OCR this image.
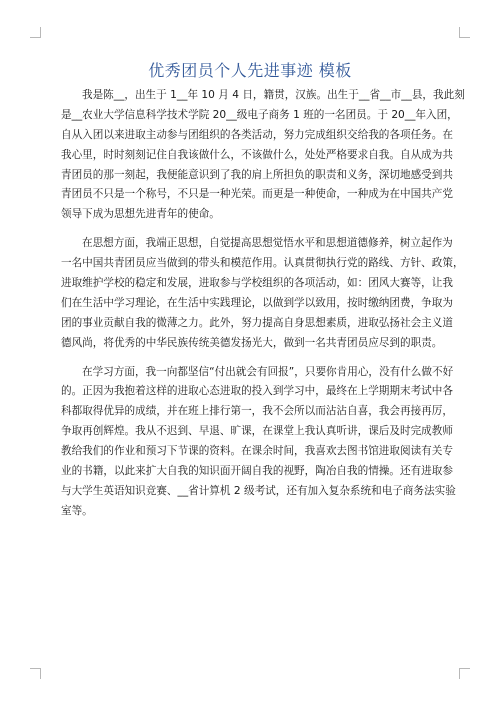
优秀团员个人先进事迹 模板

我是陈__，出生于 1__年 10 月 4 日，籍贯，汉族。出生于__省__市__县，我此刻
是__农业大学信息科学技术学院 20__级电子商务 1 班的一名团员。于 20__年入团，
自从入团以来进取主动参与团组织的各类活动，努力完成组织交给我的各项任务。在
我心里，时时刻刻记住自我该做什么，不该做什么，处处严格要求自我。自从成为共
青团员的那一刻起，我便能意识到了我的肩上所担负的职责和义务，深切地感受到共
青团员不只是一个称号，不只是一种光荣。而更是一种使命，一种成为在中国共产党
领导下成为思想先进青年的使命。

在思想方面，我端正思想，自觉提高思想觉悟水平和思想道德修养，树立起作为
一名中国共青团员应当做到的带头和模范作用。认真贯彻执行党的路线、方针、政策，
进取维护学校的稳定和发展，进取参与学校组织的各项活动，如：团风大赛等，让我
们在生活中学习理论，在生活中实践理论，以做到学以致用，按时缴纳团费，争取为
团的事业贡献自我的微薄之力。此外，努力提高自身思想素质，进取弘扬社会主义道
德风尚，将优秀的中华民族传统美德发扬光大，做到一名共青团员应尽到的职责。

在学习方面，我一向都坚信“付出就会有回报”，只要你肯用心，没有什么做不好
的。正因为我抱着这样的进取心态进取的投入到学习中，最终在上学期期末考试中各
科都取得优异的成绩，并在班上排行第一，我不会所以而沾沾自喜，我会再接再厉，
争取再创辉煌。我从不迟到、早退、旷课，在课堂上我认真听讲，课后及时完成教师
教给我们的作业和预习下节课的资料。在课余时间，我喜欢去图书馆进取阅读有关专
业的书籍，以此来扩大自我的知识面开阔自我的视野，陶冶自我的情操。还有进取参
与大学生英语知识竞赛、__省计算机 2 级考试，还有加入复杂系统和电子商务法实验
室等。
